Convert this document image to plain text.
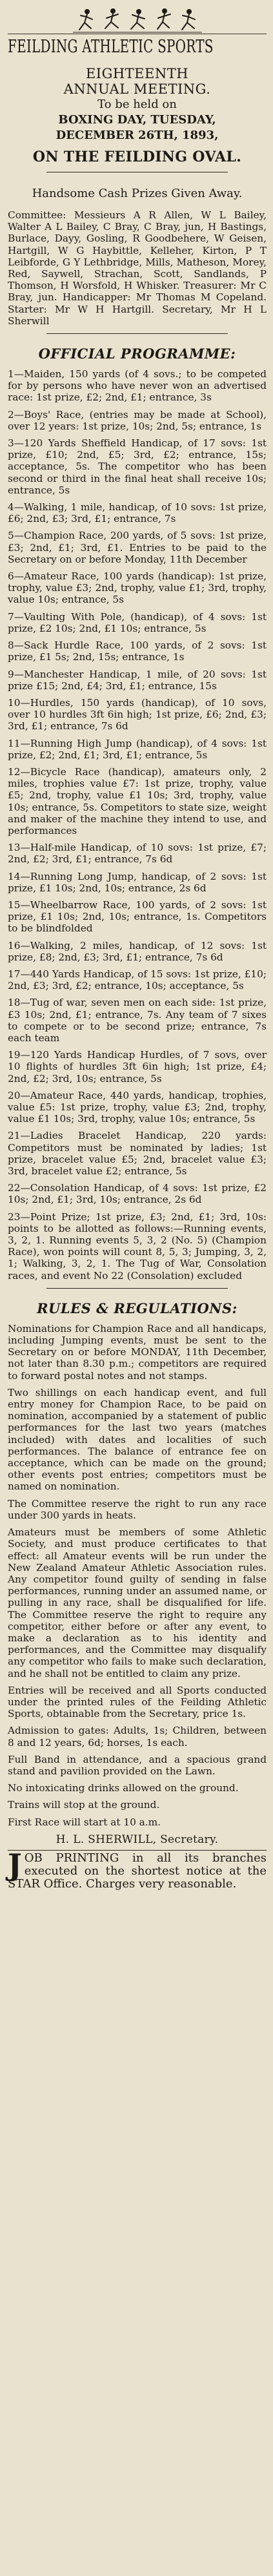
FEILDING ATHLETIC SPORTS
EIGHTEENTH
ANNUAL MEETING.
To be held on
BOXING DAY, TUESDAY, DECEMBER 26TH, 1893,
ON THE FEILDING OVAL.
Handsome Cash Prizes Given Away.

Committee: Messieurs A R Allen, W L Bailey, Walter A L Bailey, C Bray, C Bray, jun, H Bastings, Burlace, Dayy, Gosling, R Goodbehere, W Geisen, Hartgill, W G Haybittle, Kelleher, Kirton, P T Leibforde, G Y Lethbridge, Mills, Matheson, Morey, Red, Saywell, Strachan, Scott, Sandlands, P Thomson, H Worsfold, H Whisker. Treasurer: Mr C Bray, jun. Handicapper: Mr Thomas M Copeland. Starter: Mr W H Hartgill. Secretary, Mr H L Sherwill

OFFICIAL PROGRAMME:

1—Maiden, 150 yards (of 4 sovs.; to be competed for by persons who have never won an advertised race: 1st prize, £2; 2nd, £1; entrance, 3s

2—Boys' Race, (entries may be made at School), over 12 years: 1st prize, 10s; 2nd, 5s; entrance, 1s

3—120 Yards Sheffield Handicap, of 17 sovs: 1st prize, £10; 2nd, £5; 3rd, £2; entrance, 15s; acceptance, 5s. The competitor who has been second or third in the final heat shall receive 10s; entrance, 5s

4—Walking, 1 mile, handicap, of 10 sovs: 1st prize, £6; 2nd, £3; 3rd, £1; entrance, 7s

5—Champion Race, 200 yards, of 5 sovs: 1st prize, £3; 2nd, £1; 3rd, £1. Entries to be paid to the Secretary on or before Monday, 11th December

6—Amateur Race, 100 yards (handicap): 1st prize, trophy, value £3; 2nd, trophy, value £1; 3rd, trophy, value 10s; entrance, 5s

7—Vaulting With Pole, (handicap), of 4 sovs: 1st prize, £2 10s; 2nd, £1 10s; entrance, 5s

8—Sack Hurdle Race, 100 yards, of 2 sovs: 1st prize, £1 5s; 2nd, 15s; entrance, 1s

9—Manchester Handicap, 1 mile, of 20 sovs: 1st prize £15; 2nd, £4; 3rd, £1; entrance, 15s

10—Hurdles, 150 yards (handicap), of 10 sovs, over 10 hurdles 3ft 6in high; 1st prize, £6; 2nd, £3; 3rd, £1; entrance, 7s 6d

11—Running High Jump (handicap), of 4 sovs: 1st prize, £2; 2nd, £1; 3rd, £1; entrance, 5s

12—Bicycle Race (handicap), amateurs only, 2 miles, trophies value £7: 1st prize, trophy, value £5; 2nd, trophy, value £1 10s; 3rd, trophy, value 10s; entrance, 5s. Competitors to state size, weight and maker of the machine they intend to use, and performances

13—Half-mile Handicap, of 10 sovs: 1st prize, £7; 2nd, £2; 3rd, £1; entrance, 7s 6d

14—Running Long Jump, handicap, of 2 sovs: 1st prize, £1 10s; 2nd, 10s; entrance, 2s 6d

15—Wheelbarrow Race, 100 yards, of 2 sovs: 1st prize, £1 10s; 2nd, 10s; entrance, 1s. Competitors to be blindfolded

16—Walking, 2 miles, handicap, of 12 sovs: 1st prize, £8; 2nd, £3; 3rd, £1; entrance, 7s 6d

17—440 Yards Handicap, of 15 sovs: 1st prize, £10; 2nd, £3; 3rd, £2; entrance, 10s; acceptance, 5s

18—Tug of war, seven men on each side: 1st prize, £3 10s; 2nd, £1; entrance, 7s. Any team of 7 sixes to compete or to be second prize; entrance, 7s each team

19—120 Yards Handicap Hurdles, of 7 sovs, over 10 flights of hurdles 3ft 6in high; 1st prize, £4; 2nd, £2; 3rd, 10s; entrance, 5s

20—Amateur Race, 440 yards, handicap, trophies, value £5: 1st prize, trophy, value £3; 2nd, trophy, value £1 10s; 3rd, trophy, value 10s; entrance, 5s

21—Ladies Bracelet Handicap, 220 yards: Competitors must be nominated by ladies; 1st prize, bracelet value £5; 2nd, bracelet value £3; 3rd, bracelet value £2; entrance, 5s

22—Consolation Handicap, of 4 sovs: 1st prize, £2 10s; 2nd, £1; 3rd, 10s; entrance, 2s 6d

23—Point Prize; 1st prize, £3; 2nd, £1; 3rd, 10s: points to be allotted as follows:—Running events, 3, 2, 1. Running events 5, 3, 2 (No. 5) (Champion Race), won points will count 8, 5, 3; Jumping, 3, 2, 1; Walking, 3, 2, 1. The Tug of War, Consolation races, and event No 22 (Consolation) excluded

RULES & REGULATIONS:

Nominations for Champion Race and all handicaps, including Jumping events, must be sent to the Secretary on or before MONDAY, 11th December, not later than 8.30 p.m.; competitors are required to forward postal notes and not stamps.

Two shillings on each handicap event, and full entry money for Champion Race, to be paid on nomination, accompanied by a statement of public performances for the last two years (matches included) with dates and localities of such performances. The balance of entrance fee on acceptance, which can be made on the ground; other events post entries; competitors must be named on nomination.

The Committee reserve the right to run any race under 300 yards in heats.

Amateurs must be members of some Athletic Society, and must produce certificates to that effect: all Amateur events will be run under the New Zealand Amateur Athletic Association rules. Any competitor found guilty of sending in false performances, running under an assumed name, or pulling in any race, shall be disqualified for life. The Committee reserve the right to require any competitor, either before or after any event, to make a declaration as to his identity and performances, and the Committee may disqualify any competitor who fails to make such declaration, and he shall not be entitled to claim any prize.

Entries will be received and all Sports conducted under the printed rules of the Feilding Athletic Sports, obtainable from the Secretary, price 1s.

Admission to gates: Adults, 1s; Children, between 8 and 12 years, 6d; horses, 1s each.

Full Band in attendance, and a spacious grand stand and pavilion provided on the Lawn.

No intoxicating drinks allowed on the ground.

Trains will stop at the ground.

First Race will start at 10 a.m.

H. L. SHERWILL, Secretary.
JOB PRINTING in all its branches executed on the shortest notice at the STAR Office. Charges very reasonable.
